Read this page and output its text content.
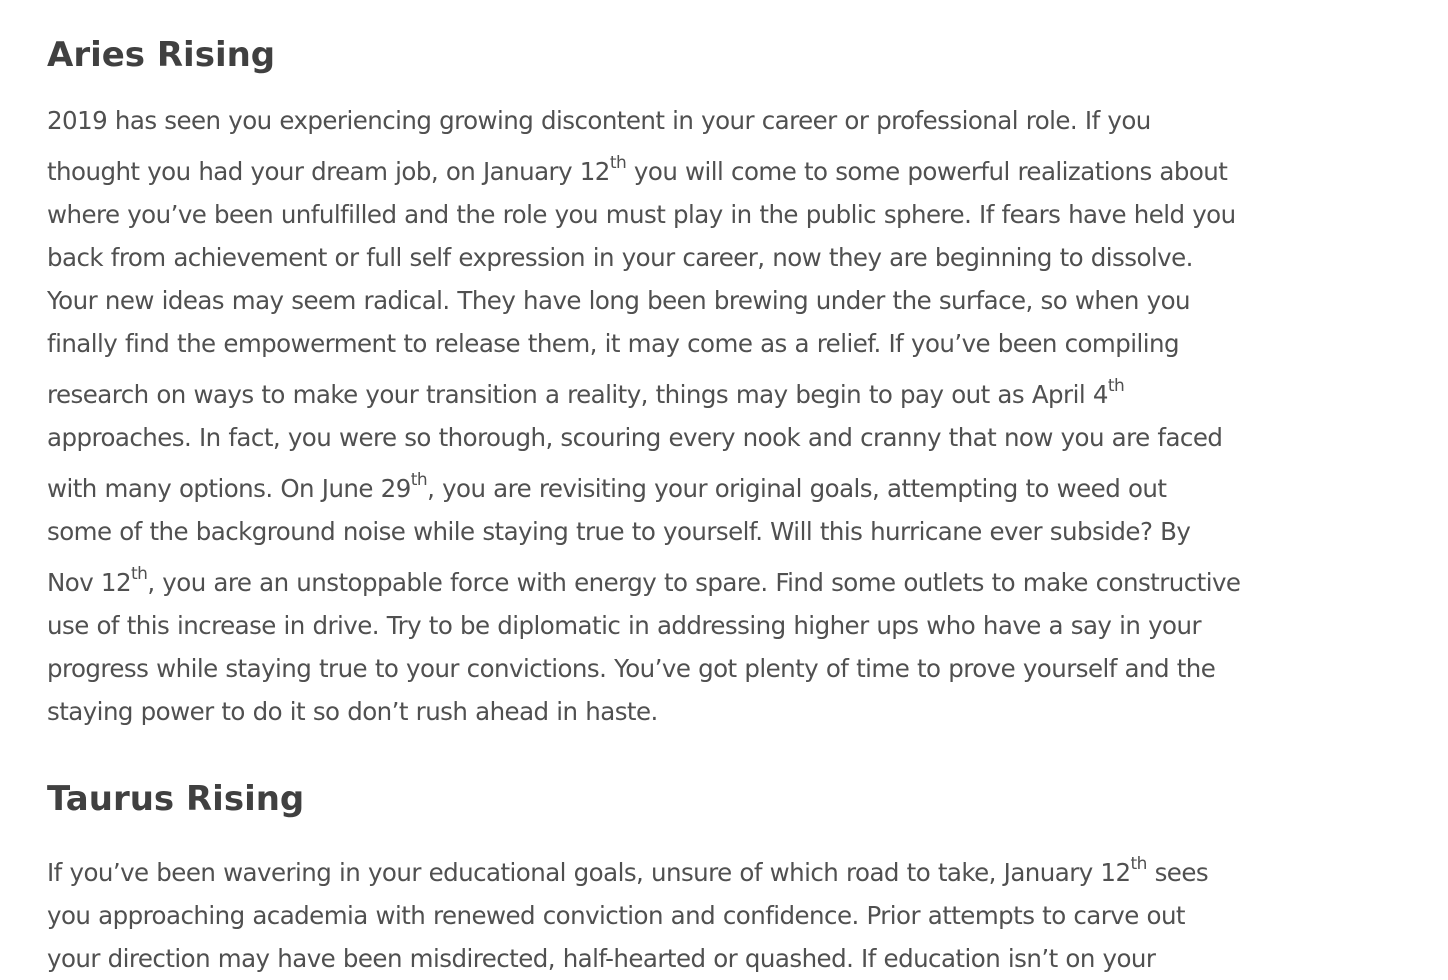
Aries Rising

2019 has seen you experiencing growing discontent in your career or professional role. If you
thought you had your dream job, on January 12th you will come to some powerful realizations about
where you’ve been unfulfilled and the role you must play in the public sphere. If fears have held you
back from achievement or full self expression in your career, now they are beginning to dissolve.
Your new ideas may seem radical. They have long been brewing under the surface, so when you
finally find the empowerment to release them, it may come as a relief. If you’ve been compiling
research on ways to make your transition a reality, things may begin to pay out as April 4th
approaches. In fact, you were so thorough, scouring every nook and cranny that now you are faced
with many options. On June 29th, you are revisiting your original goals, attempting to weed out
some of the background noise while staying true to yourself. Will this hurricane ever subside? By
Nov 12th, you are an unstoppable force with energy to spare. Find some outlets to make constructive
use of this increase in drive. Try to be diplomatic in addressing higher ups who have a say in your
progress while staying true to your convictions. You’ve got plenty of time to prove yourself and the
staying power to do it so don’t rush ahead in haste.

Taurus Rising

If you’ve been wavering in your educational goals, unsure of which road to take, January 12th sees
you approaching academia with renewed conviction and confidence. Prior attempts to carve out
your direction may have been misdirected, half-hearted or quashed. If education isn’t on your
